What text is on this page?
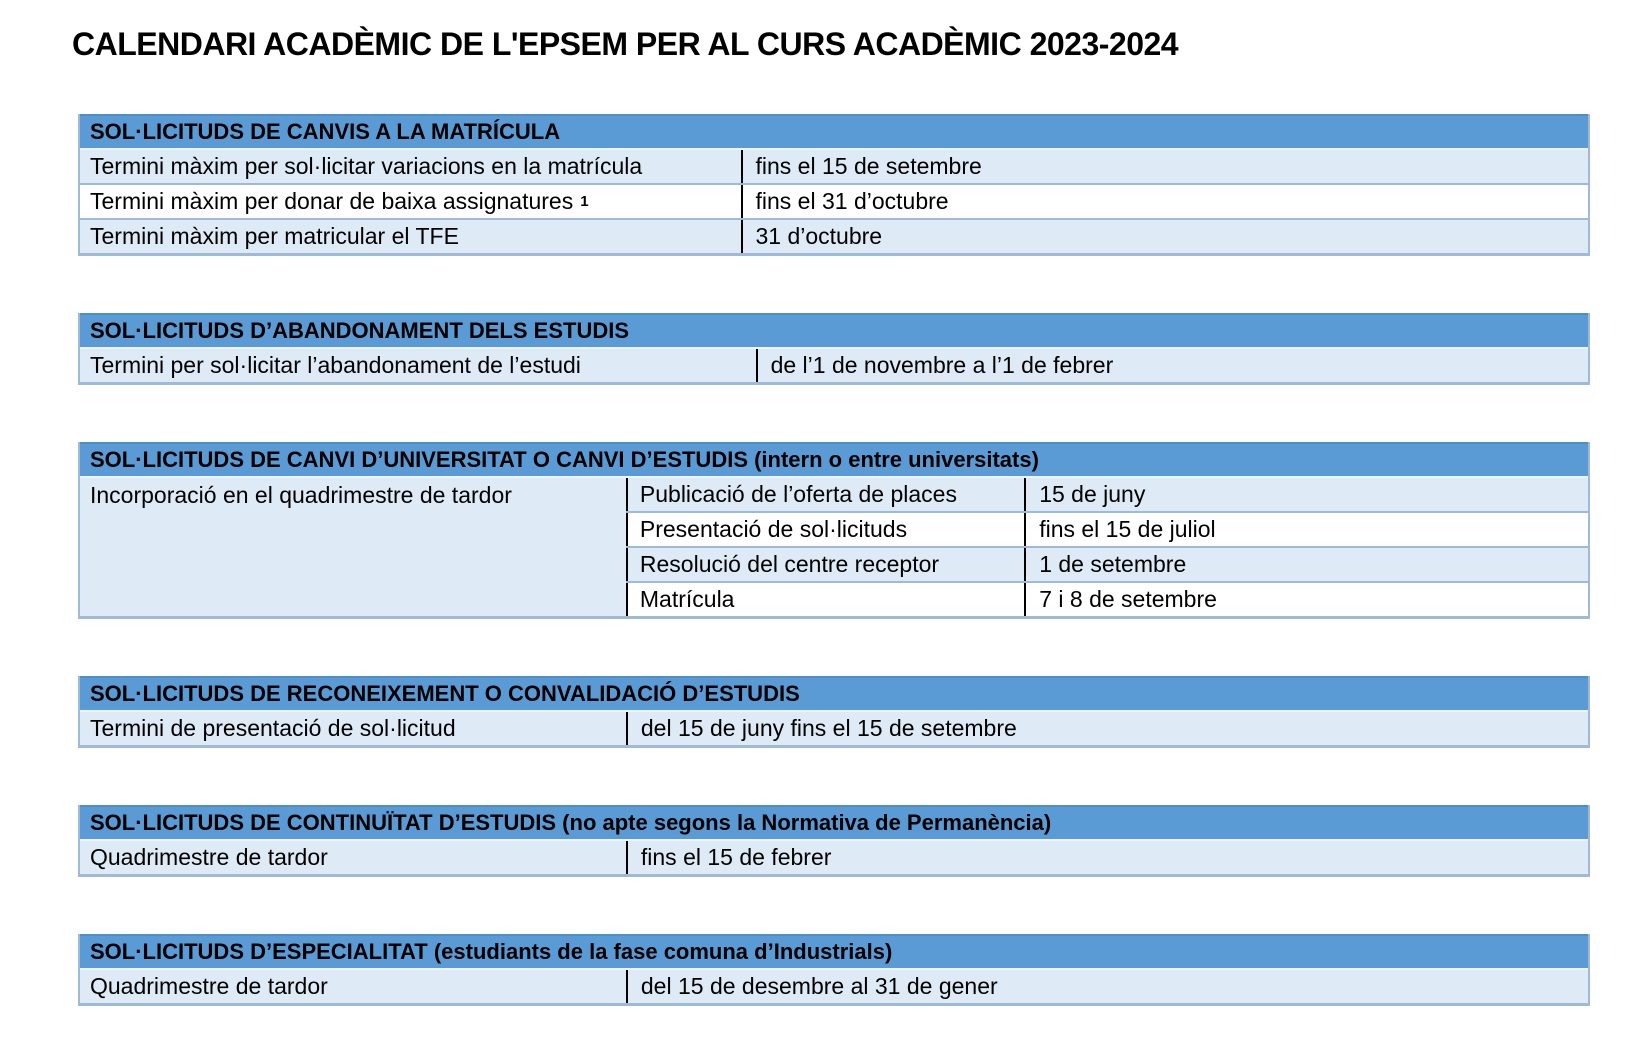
CALENDARI ACADÈMIC DE L'EPSEM PER AL CURS ACADÈMIC 2023-2024
SOL·LICITUDS DE CANVIS A LA MATRÍCULA
Termini màxim per sol·licitar variacions en la matrícula	fins el 15 de setembre
Termini màxim per donar de baixa assignatures 1	fins el 31 d’octubre
Termini màxim per matricular el TFE	31 d’octubre
SOL·LICITUDS D’ABANDONAMENT DELS ESTUDIS
Termini per sol·licitar l’abandonament de l’estudi	de l’1 de novembre a l’1 de febrer
SOL·LICITUDS DE CANVI D’UNIVERSITAT O CANVI D’ESTUDIS (intern o entre universitats)
Incorporació en el quadrimestre de tardor	Publicació de l’oferta de places	15 de juny
Presentació de sol·licituds	fins el 15 de juliol
Resolució del centre receptor	1 de setembre
Matrícula	7 i 8 de setembre
SOL·LICITUDS DE RECONEIXEMENT O CONVALIDACIÓ D’ESTUDIS
Termini de presentació de sol·licitud	del 15 de juny fins el 15 de setembre
SOL·LICITUDS DE CONTINUÏTAT D’ESTUDIS (no apte segons la Normativa de Permanència)
Quadrimestre de tardor	fins el 15 de febrer
SOL·LICITUDS D’ESPECIALITAT (estudiants de la fase comuna d’Industrials)
Quadrimestre de tardor	del 15 de desembre al 31 de gener
